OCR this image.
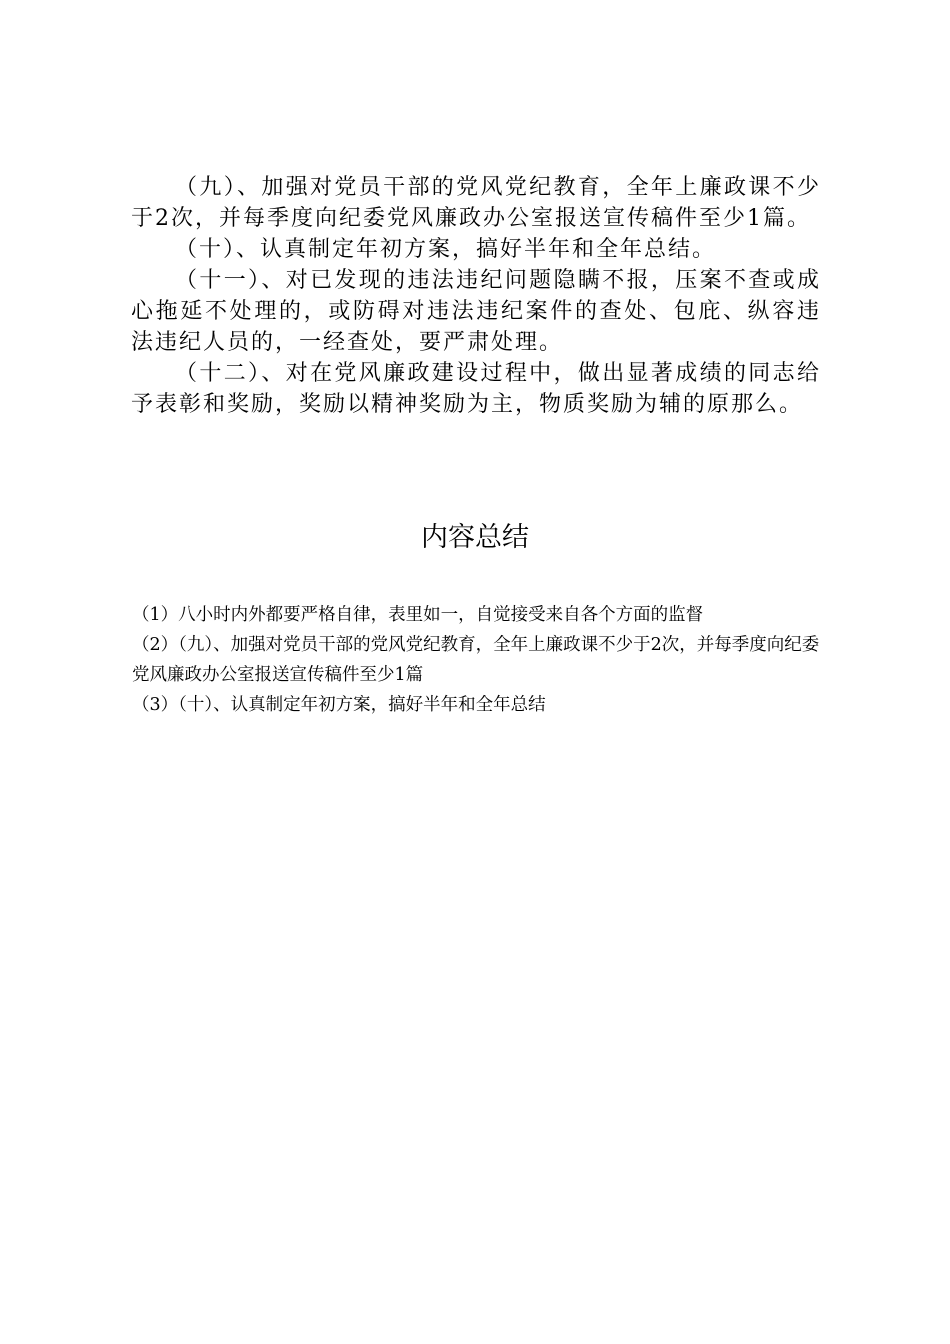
（九）、加强对党员干部的党风党纪教育，全年上廉政课不少于2次，并每季度向纪委党风廉政办公室报送宣传稿件至少1篇。

（十）、认真制定年初方案，搞好半年和全年总结。

（十一）、对已发现的违法违纪问题隐瞒不报，压案不查或成心拖延不处理的，或防碍对违法违纪案件的查处、包庇、纵容违法违纪人员的，一经查处，要严肃处理。

（十二）、对在党风廉政建设过程中，做出显著成绩的同志给予表彰和奖励，奖励以精神奖励为主，物质奖励为辅的原那么。

内容总结

（1）八小时内外都要严格自律，表里如一，自觉接受来自各个方面的监督

（2）（九）、加强对党员干部的党风党纪教育，全年上廉政课不少于2次，并每季度向纪委党风廉政办公室报送宣传稿件至少1篇

（3）（十）、认真制定年初方案，搞好半年和全年总结
